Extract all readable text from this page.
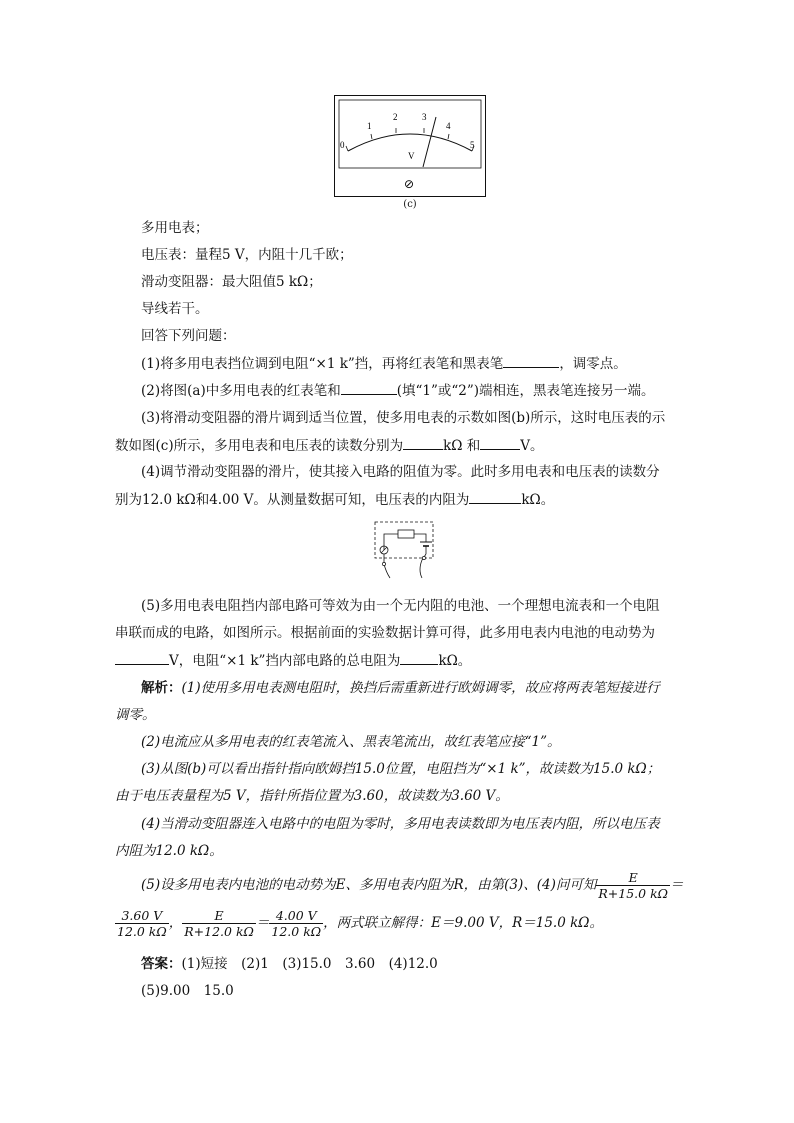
0
1
2	3
4
5
V
⊘
(c)
多用电表；
电压表：量程5 V，内阻十几千欧；
滑动变阻器：最大阻值5 kΩ；
导线若干。
回答下列问题：
(1)将多用电表挡位调到电阻“×1 k”挡，再将红表笔和黑表笔	，调零点。
(2)将图(a)中多用电表的红表笔和	(填“1”或“2”)端相连，黑表笔连接另一端。
(3)将滑动变阻器的滑片调到适当位置，使多用电表的示数如图(b)所示，这时电压表的示
数如图(c)所示，多用电表和电压表的读数分别为	kΩ 和	V。
(4)调节滑动变阻器的滑片，使其接入电路的阻值为零。此时多用电表和电压表的读数分
别为12.0 kΩ和4.00 V。从测量数据可知，电压表的内阻为	kΩ。
(5)多用电表电阻挡内部电路可等效为由一个无内阻的电池、一个理想电流表和一个电阻
串联而成的电路，如图所示。根据前面的实验数据计算可得，此多用电表内电池的电动势为
V，电阻“×1 k”挡内部电路的总电阻为	kΩ。
解析：(1)使用多用电表测电阻时，换挡后需重新进行欧姆调零，故应将两表笔短接进行
调零。
(2)电流应从多用电表的红表笔流入、黑表笔流出，故红表笔应接“1”。
(3)从图(b)可以看出指针指向欧姆挡15.0位置，电阻挡为“×1 k”，故读数为15.0 kΩ；
由于电压表量程为5 V，指针所指位置为3.60，故读数为3.60 V。
(4)当滑动变阻器连入电路中的电阻为零时，多用电表读数即为电压表内阻，所以电压表
内阻为12.0 kΩ。
(5)设多用电表内电池的电动势为E、多用电表内阻为R，由第(3)、(4)问可知 $\frac{E}{R+15.0 k\Omega}$ ＝
$\frac{3.60 V}{12.0 k\Omega}$ ， $\frac{E}{R+12.0 k\Omega} = \frac{4.00 V}{12.0 k\Omega}$ ，两式联立解得：E＝9.00 V，R＝15.0 kΩ。
答案：(1)短接　(2)1　(3)15.0　3.60　(4)12.0
(5)9.00　15.0
